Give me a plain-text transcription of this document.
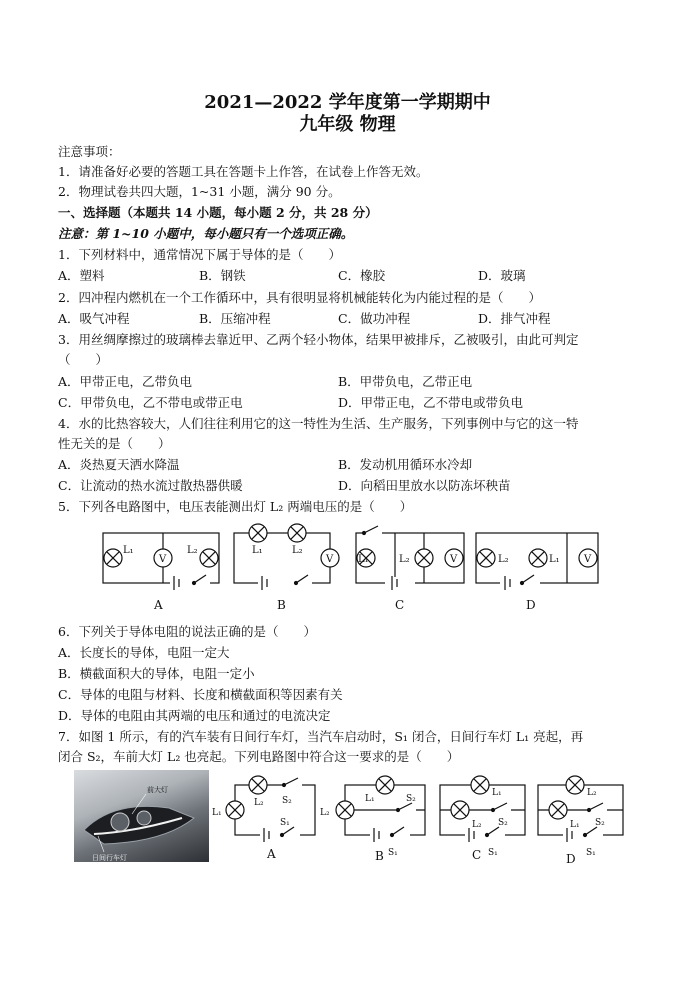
2021—2022 学年度第一学期期中
九年级 物理
注意事项：
1．请准备好必要的答题工具在答题卡上作答，在试卷上作答无效。
2．物理试卷共四大题，1~31 小题，满分 90 分。
一、选择题（本题共 14 小题，每小题 2 分，共 28 分）
注意：第 1~10 小题中，每小题只有一个选项正确。
1．下列材料中，通常情况下属于导体的是（　　）
A．塑料	B．钢铁	C．橡胶	D．玻璃
2．四冲程内燃机在一个工作循环中，具有很明显将机械能转化为内能过程的是（　　）
A．吸气冲程	B．压缩冲程	C．做功冲程	D．排气冲程
3．用丝绸摩擦过的玻璃棒去靠近甲、乙两个轻小物体，结果甲被排斥，乙被吸引，由此可判定
（　　）
A．甲带正电，乙带负电	B．甲带负电，乙带正电
C．甲带负电，乙不带电或带正电	D．甲带正电，乙不带电或带负电
4．水的比热容较大，人们往往利用它的这一特性为生活、生产服务，下列事例中与它的这一特
性无关的是（　　）
A．炎热夏天洒水降温	B．发动机用循环水冷却
C．让流动的热水流过散热器供暖	D．向稻田里放水以防冻坏秧苗
5．下列各电路图中，电压表能测出灯 L₂ 两端电压的是（　　）
L₁
V
L₂	L₁	L₂
V L₁	L₂	V	L₂	L₁ V
A	B	C	D
6．下列关于导体电阻的说法正确的是（　　）
A．长度长的导体，电阻一定大
B．横截面积大的导体，电阻一定小
C．导体的电阻与材料、长度和横截面积等因素有关
D．导体的电阻由其两端的电压和通过的电流决定
7．如图 1 所示，有的汽车装有日间行车灯，当汽车启动时，S₁ 闭合，日间行车灯 L₁ 亮起，再
闭合 S₂，车前大灯 L₂ 也亮起。下列电路图中符合这一要求的是（　　）
前大灯
日间行车灯
L₁
L₂ S₂
S₁
L₂
L₁	S₂
S₁
L₁
L₂ S₂
S₁
L₂
L₁ S₂
S₁
A	B	C	D
